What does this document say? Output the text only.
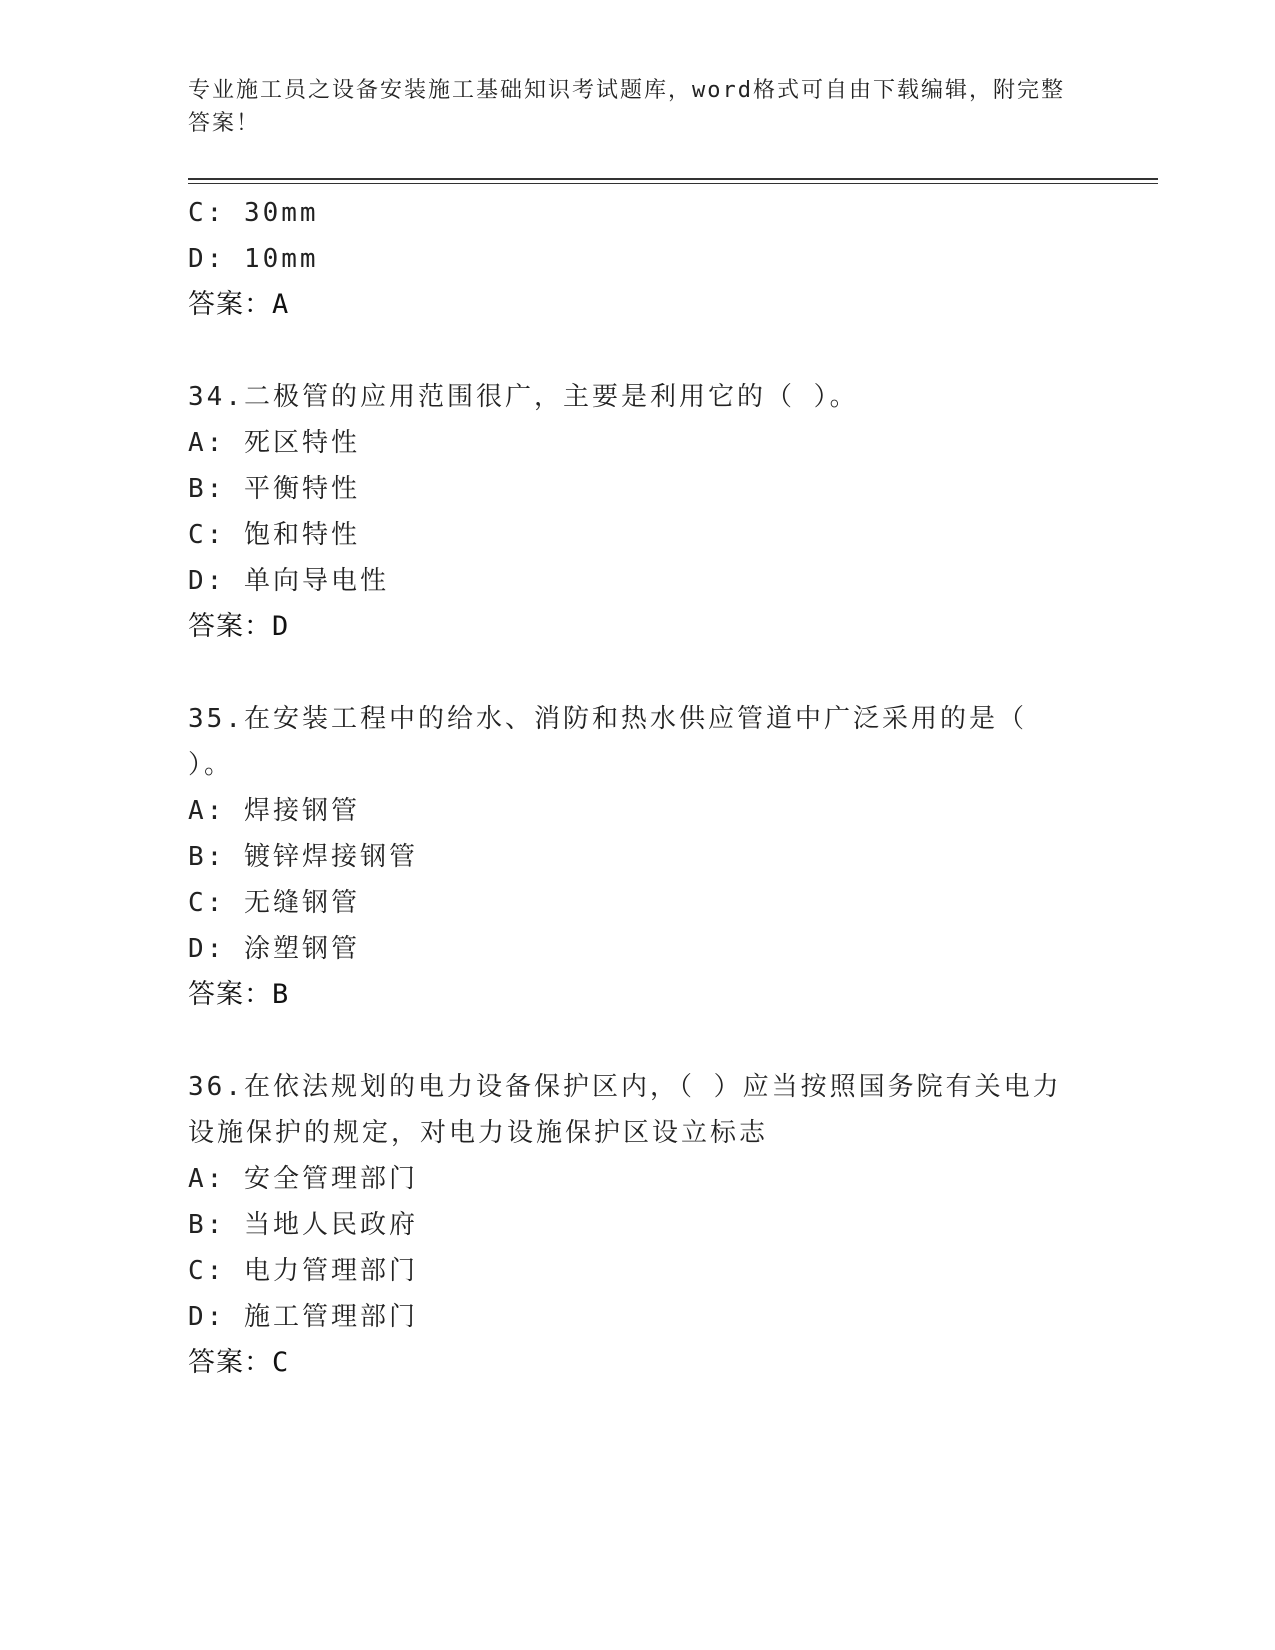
专业施工员之设备安装施工基础知识考试题库，word格式可自由下载编辑，附完整答案！
C: 30mm
D: 10mm
答案：A
34.二极管的应用范围很广，主要是利用它的（ ）。
A: 死区特性
B: 平衡特性
C: 饱和特性
D: 单向导电性
答案：D
35.在安装工程中的给水、消防和热水供应管道中广泛采用的是（ ）。
A: 焊接钢管
B: 镀锌焊接钢管
C: 无缝钢管
D: 涂塑钢管
答案：B
36.在依法规划的电力设备保护区内，（ ）应当按照国务院有关电力设施保护的规定，对电力设施保护区设立标志
A: 安全管理部门
B: 当地人民政府
C: 电力管理部门
D: 施工管理部门
答案：C
